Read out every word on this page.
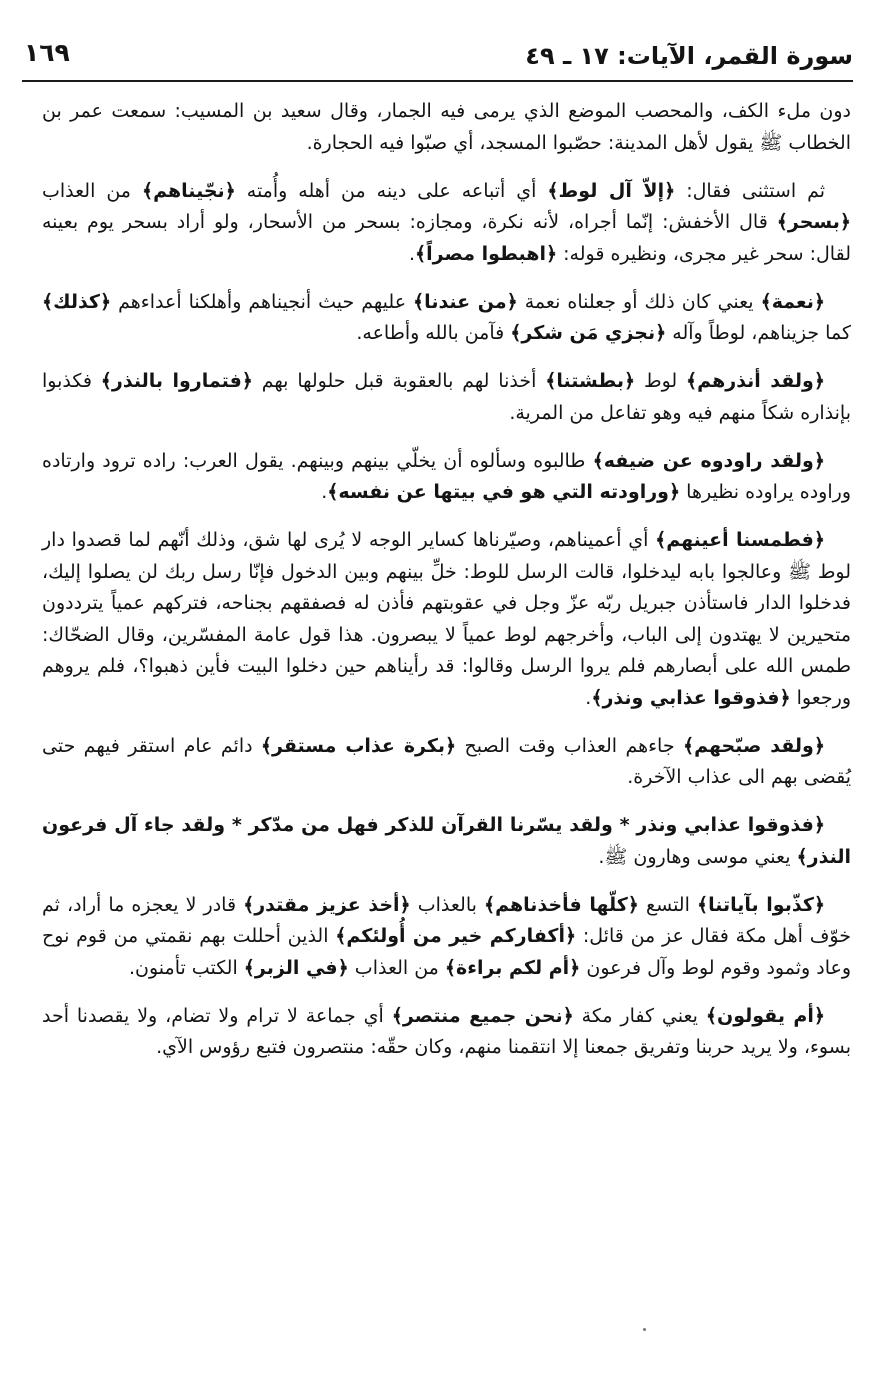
سورة القمر، الآيات: ١٧ ـ ٤٩
١٦٩

دون ملء الكف، والمحصب الموضع الذي يرمى فيه الجمار، وقال سعيد بن المسيب: سمعت عمر بن الخطاب ﷺ يقول لأهل المدينة: حصّبوا المسجد، أي صبّوا فيه الحجارة.

ثم استثنى فقال: ﴿إلاّ آل لوط﴾ أي أتباعه على دينه من أهله وأُمته ﴿نجّيناهم﴾ من العذاب ﴿بسحر﴾ قال الأخفش: إنّما أجراه، لأنه نكرة، ومجازه: بسحر من الأسحار، ولو أراد بسحر يوم بعينه لقال: سحر غير مجرى، ونظيره قوله: ﴿اهبطوا مصراً﴾.

﴿نعمة﴾ يعني كان ذلك أو جعلناه نعمة ﴿من عندنا﴾ عليهم حيث أنجيناهم وأهلكنا أعداءهم ﴿كذلك﴾ كما جزيناهم، لوطاً وآله ﴿نجزي مَن شكر﴾ فآمن بالله وأطاعه.

﴿ولقد أنذرهم﴾ لوط ﴿بطشتنا﴾ أخذنا لهم بالعقوبة قبل حلولها بهم ﴿فتماروا بالنذر﴾ فكذبوا بإنذاره شكاً منهم فيه وهو تفاعل من المرية.

﴿ولقد راودوه عن ضيفه﴾ طالبوه وسألوه أن يخلّي بينهم وبينهم. يقول العرب: راده ترود وارتاده وراوده يراوده نظيرها ﴿وراودته التي هو في بيتها عن نفسه﴾.

﴿فطمسنا أعينهم﴾ أي أعميناهم، وصيّرناها كساير الوجه لا يُرى لها شق، وذلك أنّهم لما قصدوا دار لوط ﷺ وعالجوا بابه ليدخلوا، قالت الرسل للوط: خلِّ بينهم وبين الدخول فإنّا رسل ربك لن يصلوا إليك، فدخلوا الدار فاستأذن جبريل ربّه عزّ وجل في عقوبتهم فأذن له فصفقهم بجناحه، فتركهم عمياً يترددون متحيرين لا يهتدون إلى الباب، وأخرجهم لوط عمياً لا يبصرون. هذا قول عامة المفسّرين، وقال الضحّاك: طمس الله على أبصارهم فلم يروا الرسل وقالوا: قد رأيناهم حين دخلوا البيت فأين ذهبوا؟، فلم يروهم ورجعوا ﴿فذوقوا عذابي ونذر﴾.

﴿ولقد صبّحهم﴾ جاءهم العذاب وقت الصبح ﴿بكرة عذاب مستقر﴾ دائم عام استقر فيهم حتى يُقضى بهم الى عذاب الآخرة.

﴿فذوقوا عذابي ونذر * ولقد يسّرنا القرآن للذكر فهل من مدّكر * ولقد جاء آل فرعون النذر﴾ يعني موسى وهارون ﷺ.

﴿كذّبوا بآياتنا﴾ التسع ﴿كلّها فأخذناهم﴾ بالعذاب ﴿أخذ عزيز مقتدر﴾ قادر لا يعجزه ما أراد، ثم خوّف أهل مكة فقال عز من قائل: ﴿أكفاركم خير من أُولئكم﴾ الذين أحللت بهم نقمتي من قوم نوح وعاد وثمود وقوم لوط وآل فرعون ﴿أم لكم براءة﴾ من العذاب ﴿في الزبر﴾ الكتب تأمنون.

﴿أم يقولون﴾ يعني كفار مكة ﴿نحن جميع منتصر﴾ أي جماعة لا ترام ولا تضام، ولا يقصدنا أحد بسوء، ولا يريد حربنا وتفريق جمعنا إلا انتقمنا منهم، وكان حقّه: منتصرون فتبع رؤوس الآي.
